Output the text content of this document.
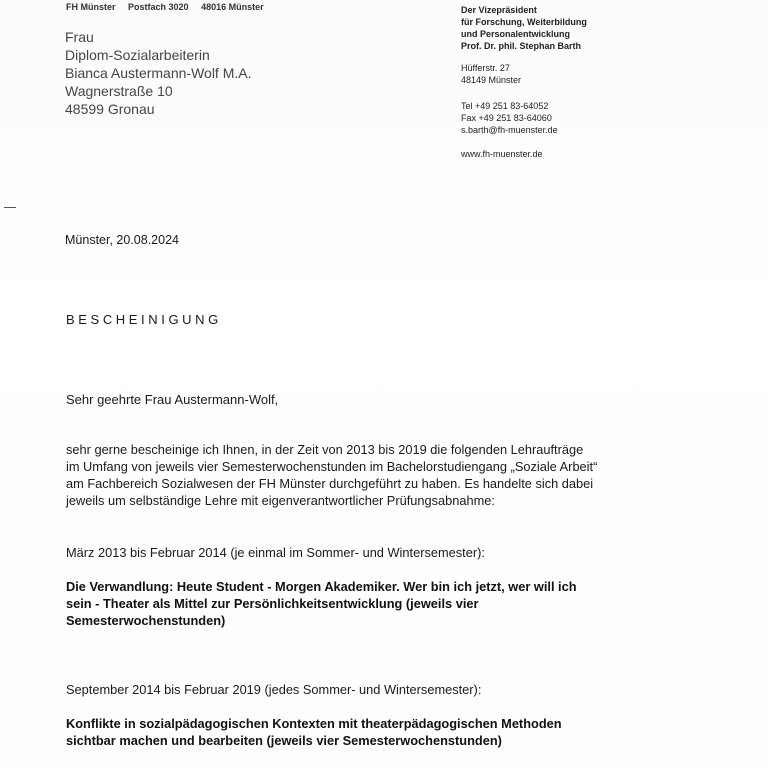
FH Münster Postfach 3020 48016 Münster
Frau
Diplom-Sozialarbeiterin
Bianca Austermann-Wolf M.A.
Wagnerstraße 10
48599 Gronau
Der Vizepräsident
für Forschung, Weiterbildung
und Personalentwicklung
Prof. Dr. phil. Stephan Barth
Hüfferstr. 27
48149 Münster
Tel +49 251 83-64052
Fax +49 251 83-64060
s.barth@fh-muenster.de
www.fh-muenster.de
Münster, 20.08.2024
BESCHEINIGUNG
Sehr geehrte Frau Austermann-Wolf,
sehr gerne bescheinige ich Ihnen, in der Zeit von 2013 bis 2019 die folgenden Lehraufträge
im Umfang von jeweils vier Semesterwochenstunden im Bachelorstudiengang „Soziale Arbeit“
am Fachbereich Sozialwesen der FH Münster durchgeführt zu haben. Es handelte sich dabei
jeweils um selbständige Lehre mit eigenverantwortlicher Prüfungsabnahme:
März 2013 bis Februar 2014 (je einmal im Sommer- und Wintersemester):
Die Verwandlung: Heute Student - Morgen Akademiker. Wer bin ich jetzt, wer will ich
sein - Theater als Mittel zur Persönlichkeitsentwicklung (jeweils vier
Semesterwochenstunden)
September 2014 bis Februar 2019 (jedes Sommer- und Wintersemester):
Konflikte in sozialpädagogischen Kontexten mit theaterpädagogischen Methoden
sichtbar machen und bearbeiten (jeweils vier Semesterwochenstunden)
